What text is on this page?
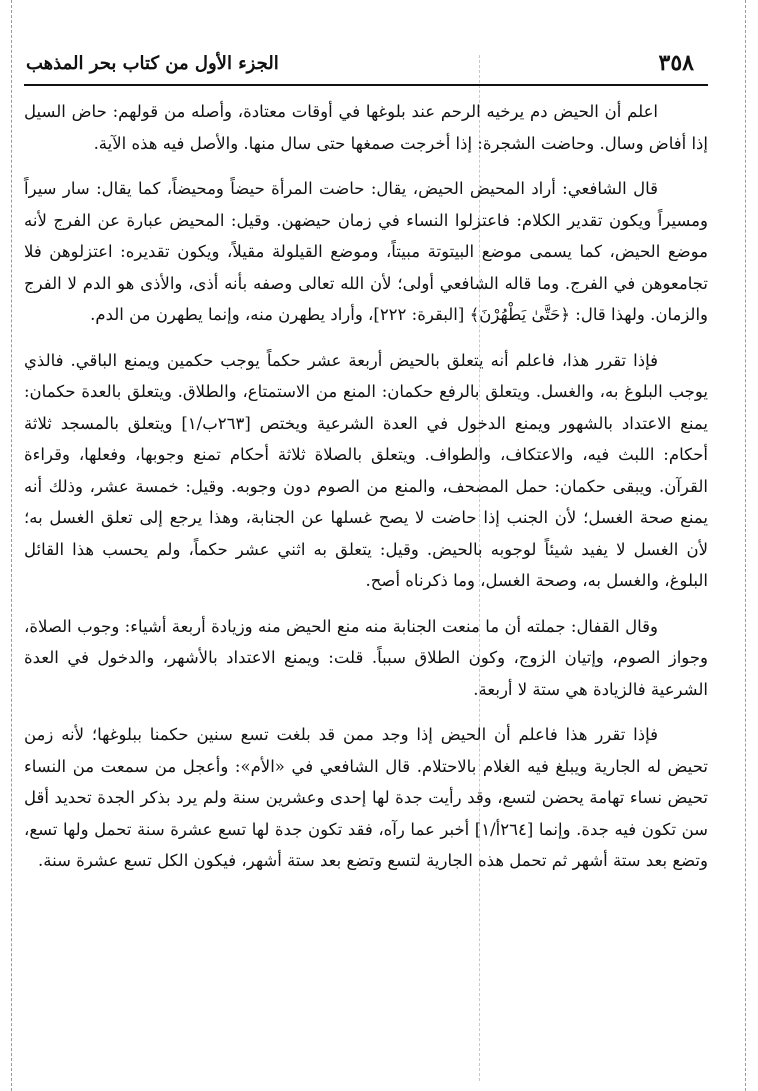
٣٥٨
الجزء الأول من كتاب بحر المذهب

اعلم أن الحيض دم يرخيه الرحم عند بلوغها في أوقات معتادة، وأصله من قولهم: حاض السيل إذا أفاض وسال. وحاضت الشجرة: إذا أخرجت صمغها حتى سال منها. والأصل فيه هذه الآية.

قال الشافعي: أراد المحيض الحيض، يقال: حاضت المرأة حيضاً ومحيضاً، كما يقال: سار سيراً ومسيراً ويكون تقدير الكلام: فاعتزلوا النساء في زمان حيضهن. وقيل: المحيض عبارة عن الفرج لأنه موضع الحيض، كما يسمى موضع البيتوتة مبيتاً، وموضع القيلولة مقيلاً، ويكون تقديره: اعتزلوهن فلا تجامعوهن في الفرج. وما قاله الشافعي أولى؛ لأن الله تعالى وصفه بأنه أذى، والأذى هو الدم لا الفرج والزمان. ولهذا قال: ﴿حَتَّىٰ يَطْهُرْنَ﴾ [البقرة: ٢٢٢]، وأراد يطهرن منه، وإنما يطهرن من الدم.

فإذا تقرر هذا، فاعلم أنه يتعلق بالحيض أربعة عشر حكماً يوجب حكمين ويمنع الباقي. فالذي يوجب البلوغ به، والغسل. ويتعلق بالرفع حكمان: المنع من الاستمتاع، والطلاق. ويتعلق بالعدة حكمان: يمنع الاعتداد بالشهور ويمنع الدخول في العدة الشرعية ويختص [٢٦٣ب/١] ويتعلق بالمسجد ثلاثة أحكام: اللبث فيه، والاعتكاف، والطواف. ويتعلق بالصلاة ثلاثة أحكام تمنع وجوبها، وفعلها، وقراءة القرآن. ويبقى حكمان: حمل المصحف، والمنع من الصوم دون وجوبه. وقيل: خمسة عشر، وذلك أنه يمنع صحة الغسل؛ لأن الجنب إذا حاضت لا يصح غسلها عن الجنابة، وهذا يرجع إلى تعلق الغسل به؛ لأن الغسل لا يفيد شيئاً لوجوبه بالحيض. وقيل: يتعلق به اثني عشر حكماً، ولم يحسب هذا القائل البلوغ، والغسل به، وصحة الغسل، وما ذكرناه أصح.

وقال القفال: جملته أن ما منعت الجنابة منه منع الحيض منه وزيادة أربعة أشياء: وجوب الصلاة، وجواز الصوم، وإتيان الزوج، وكون الطلاق سبباً. قلت: ويمنع الاعتداد بالأشهر، والدخول في العدة الشرعية فالزيادة هي ستة لا أربعة.

فإذا تقرر هذا فاعلم أن الحيض إذا وجد ممن قد بلغت تسع سنين حكمنا ببلوغها؛ لأنه زمن تحيض له الجارية ويبلغ فيه الغلام بالاحتلام. قال الشافعي في «الأم»: وأعجل من سمعت من النساء تحيض نساء تهامة يحضن لتسع، وقد رأيت جدة لها إحدى وعشرين سنة ولم يرد بذكر الجدة تحديد أقل سن تكون فيه جدة. وإنما [٢٦٤أ/١] أخبر عما رآه، فقد تكون جدة لها تسع عشرة سنة تحمل ولها تسع، وتضع بعد ستة أشهر ثم تحمل هذه الجارية لتسع وتضع بعد ستة أشهر، فيكون الكل تسع عشرة سنة.
